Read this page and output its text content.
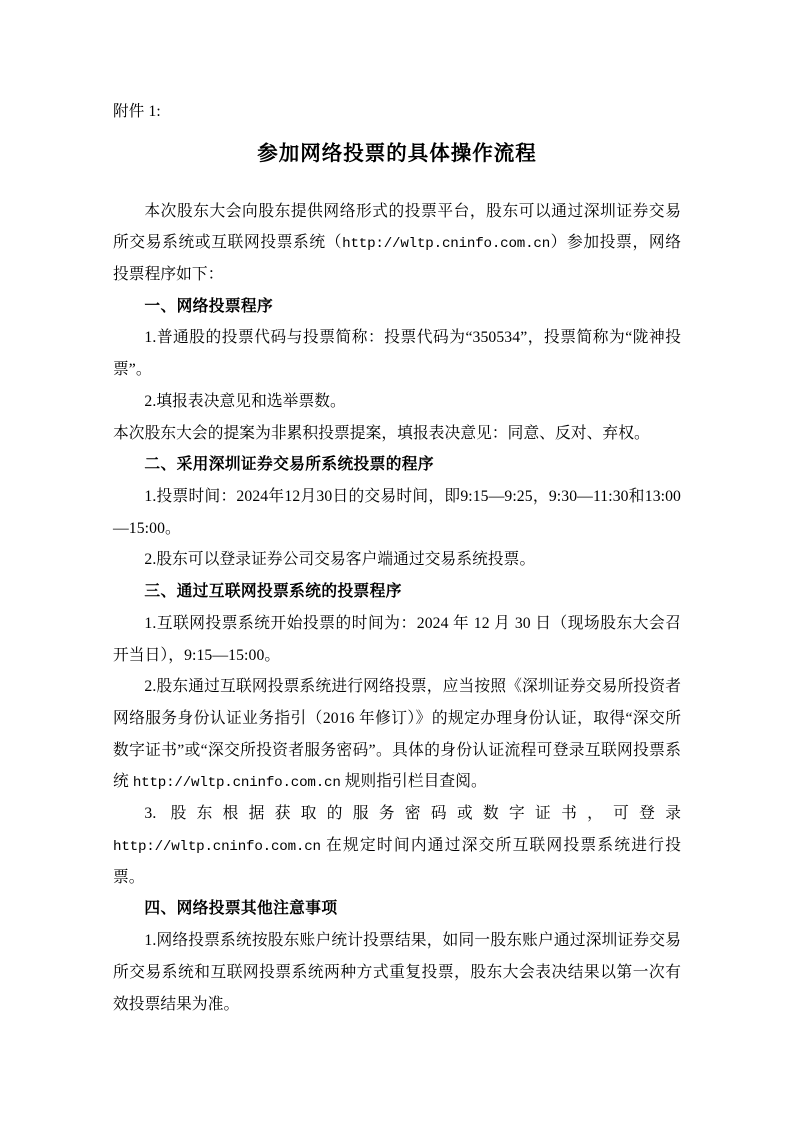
附件 1:
参加网络投票的具体操作流程

本次股东大会向股东提供网络形式的投票平台，股东可以通过深圳证券交易所交易系统或互联网投票系统（http://wltp.cninfo.com.cn）参加投票，网络投票程序如下：

一、网络投票程序

1.普通股的投票代码与投票简称：投票代码为“350534”，投票简称为“陇神投票”。

2.填报表决意见和选举票数。

本次股东大会的提案为非累积投票提案，填报表决意见：同意、反对、弃权。

二、采用深圳证券交易所系统投票的程序

1.投票时间：2024年12月30日的交易时间，即9:15—9:25，9:30—11:30和13:00—15:00。

2.股东可以登录证券公司交易客户端通过交易系统投票。

三、通过互联网投票系统的投票程序

1.互联网投票系统开始投票的时间为：2024 年 12 月 30 日（现场股东大会召开当日），9:15—15:00。

2.股东通过互联网投票系统进行网络投票，应当按照《深圳证券交易所投资者网络服务身份认证业务指引（2016 年修订）》的规定办理身份认证，取得“深交所数字证书”或“深交所投资者服务密码”。具体的身份认证流程可登录互联网投票系统 http://wltp.cninfo.com.cn 规则指引栏目查阅。

3. 股东根据获取的服务密码或数字证书，可登录 http://wltp.cninfo.com.cn 在规定时间内通过深交所互联网投票系统进行投票。

四、网络投票其他注意事项

1.网络投票系统按股东账户统计投票结果，如同一股东账户通过深圳证券交易所交易系统和互联网投票系统两种方式重复投票，股东大会表决结果以第一次有效投票结果为准。
